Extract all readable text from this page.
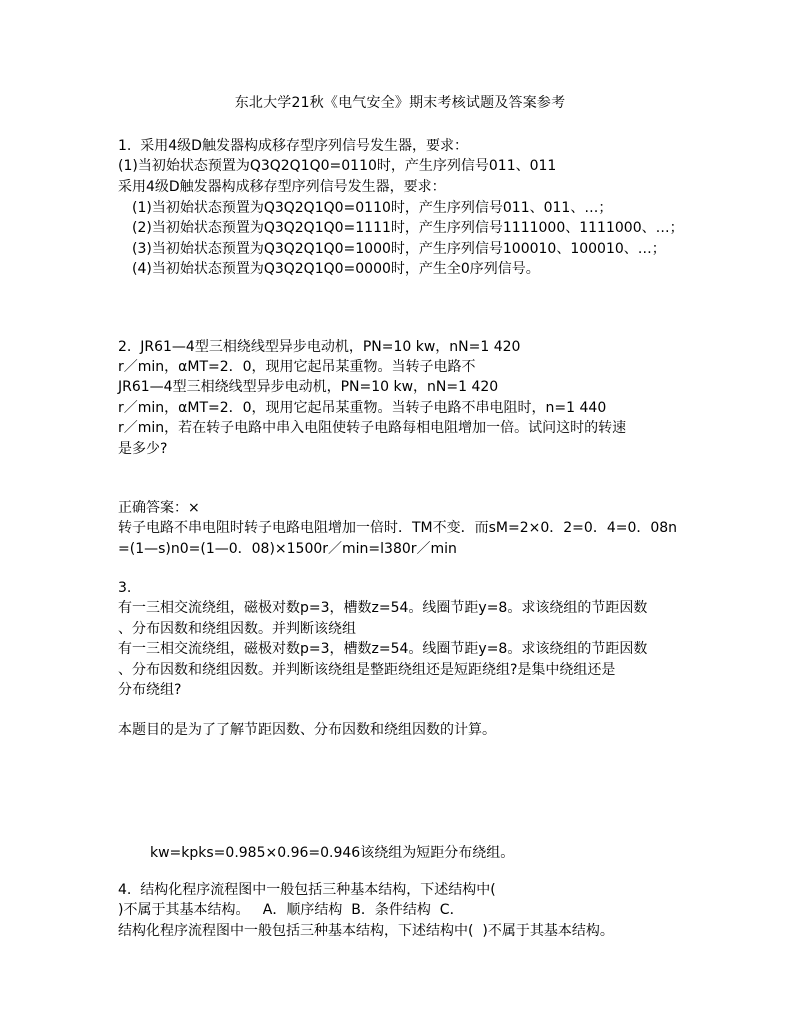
东北大学21秋《电气安全》期末考核试题及答案参考
1.  采用4级D触发器构成移存型序列信号发生器，要求：
(1)当初始状态预置为Q3Q2Q1Q0=0110时，产生序列信号011、011
采用4级D触发器构成移存型序列信号发生器，要求：
(1)当初始状态预置为Q3Q2Q1Q0=0110时，产生序列信号011、011、…；
(2)当初始状态预置为Q3Q2Q1Q0=1111时，产生序列信号1111000、1111000、…；
(3)当初始状态预置为Q3Q2Q1Q0=1000时，产生序列信号100010、100010、…；
(4)当初始状态预置为Q3Q2Q1Q0=0000时，产生全0序列信号。
2.  JR61—4型三相绕线型异步电动机，PN=10 kw，nN=1 420
r／min，αMT=2．0，现用它起吊某重物。当转子电路不
JR61—4型三相绕线型异步电动机，PN=10 kw，nN=1 420
r／min，αMT=2．0，现用它起吊某重物。当转子电路不串电阻时，n=1 440
r／min，若在转子电路中串入电阻使转子电路每相电阻增加一倍。试问这时的转速
是多少?
正确答案：×
转子电路不串电阻时转子电路电阻增加一倍时．TM不变．而sM=2×0．2=0．4=0．08n
=(1—s)n0=(1—0．08)×1500r／min=l380r／min
3.
有一三相交流绕组，磁极对数p=3，槽数z=54。线圈节距y=8。求该绕组的节距因数
、分布因数和绕组因数。并判断该绕组
有一三相交流绕组，磁极对数p=3，槽数z=54。线圈节距y=8。求该绕组的节距因数
、分布因数和绕组因数。并判断该绕组是整距绕组还是短距绕组?是集中绕组还是
分布绕组?
本题目的是为了了解节距因数、分布因数和绕组因数的计算。
kw=kpks=0.985×0.96=0.946该绕组为短距分布绕组。
4.  结构化程序流程图中一般包括三种基本结构，下述结构中(
)不属于其基本结构。   A．顺序结构  B．条件结构  C．
结构化程序流程图中一般包括三种基本结构，下述结构中(  )不属于其基本结构。
